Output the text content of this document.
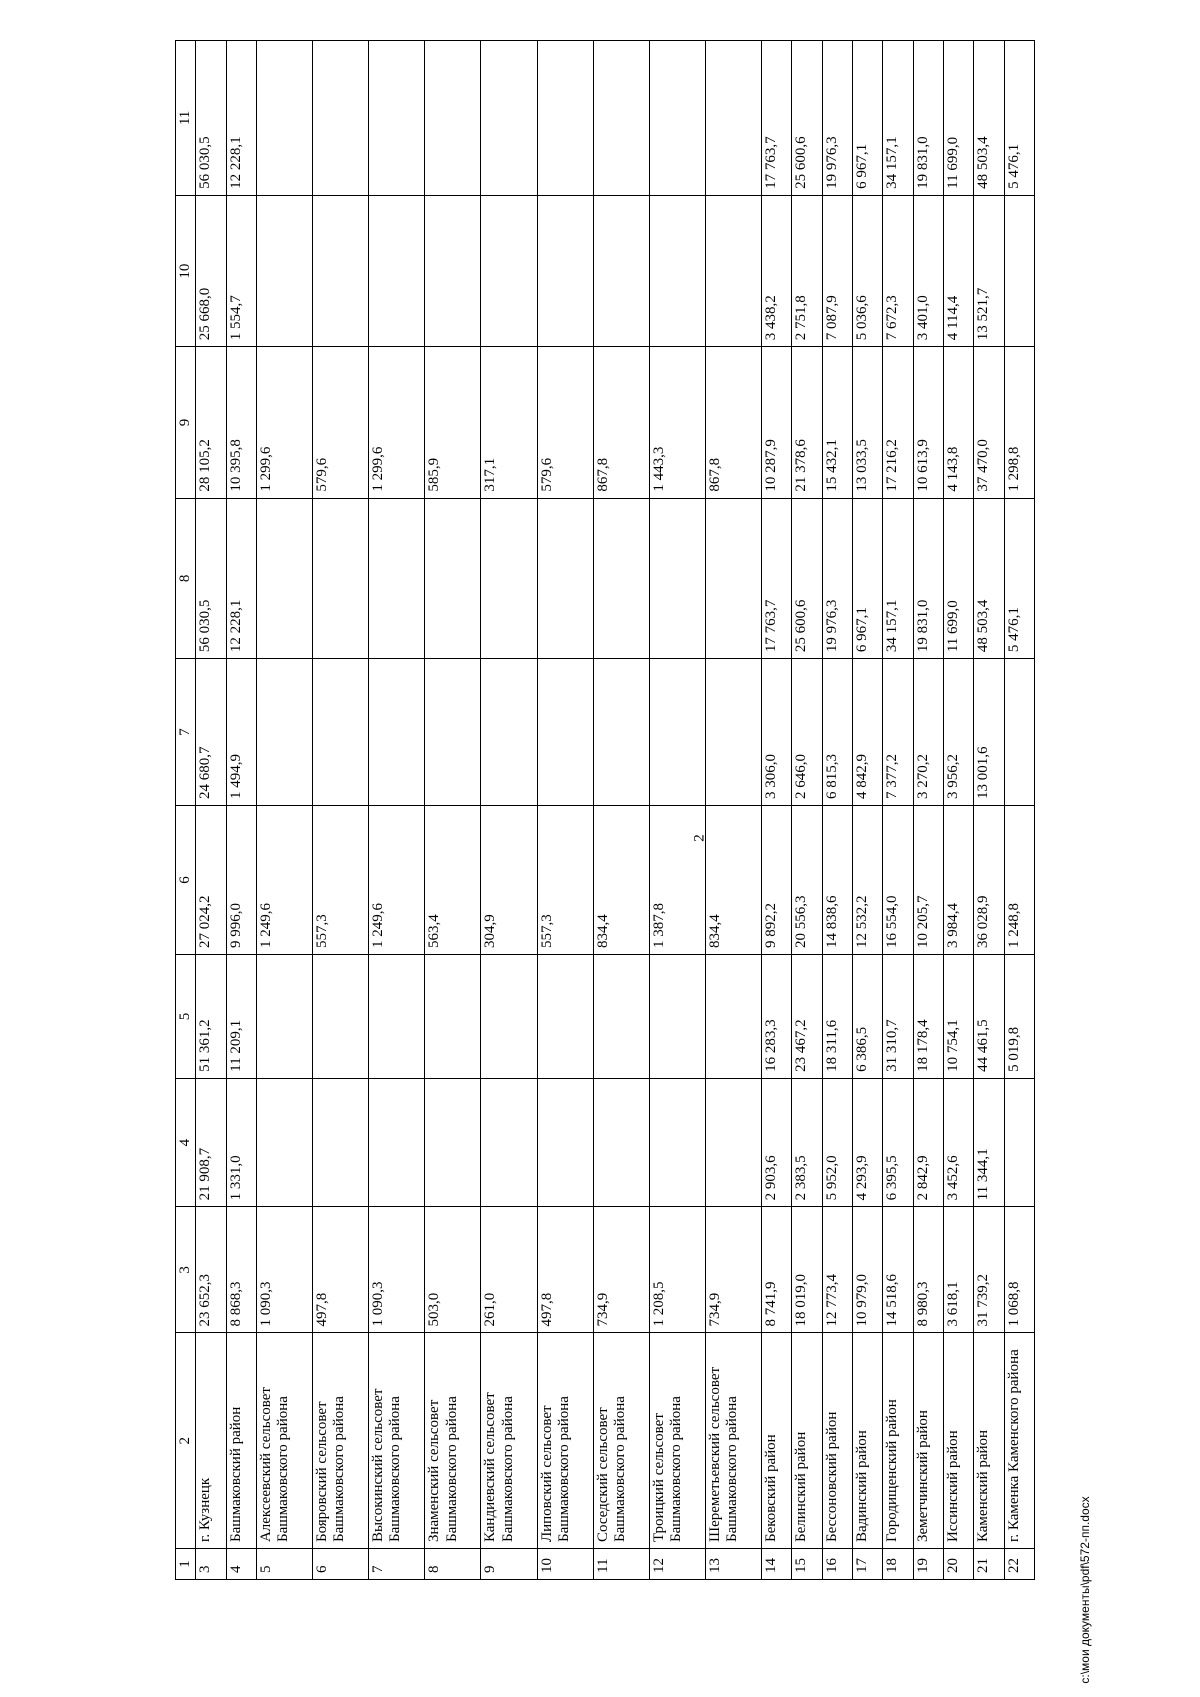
2
1	2	3	4	5	6	7	8	9	10	11
3	г. Кузнецк	23 652,3	21 908,7	51 361,2	27 024,2	24 680,7	56 030,5	28 105,2	25 668,0	56 030,5
4	Башмаковский район	8 868,3	1 331,0	11 209,1	9 996,0	1 494,9	12 228,1	10 395,8	1 554,7	12 228,1
5	Алексеевский сельсовет Башмаковского района	1 090,3			1 249,6			1 299,6		
6	Бояровский сельсовет Башмаковского района	497,8			557,3			579,6		
7	Высокинский сельсовет Башмаковского района	1 090,3			1 249,6			1 299,6		
8	Знаменский сельсовет Башмаковского района	503,0			563,4			585,9		
9	Кандиевский сельсовет Башмаковского района	261,0			304,9			317,1		
10	Липовский сельсовет Башмаковского района	497,8			557,3			579,6		
11	Соседский сельсовет Башмаковского района	734,9			834,4			867,8		
12	Троицкий сельсовет Башмаковского района	1 208,5			1 387,8			1 443,3		
13	Шереметьевский сельсовет Башмаковского района	734,9			834,4			867,8		
14	Бековский район	8 741,9	2 903,6	16 283,3	9 892,2	3 306,0	17 763,7	10 287,9	3 438,2	17 763,7
15	Белинский район	18 019,0	2 383,5	23 467,2	20 556,3	2 646,0	25 600,6	21 378,6	2 751,8	25 600,6
16	Бессоновский район	12 773,4	5 952,0	18 311,6	14 838,6	6 815,3	19 976,3	15 432,1	7 087,9	19 976,3
17	Вадинский район	10 979,0	4 293,9	6 386,5	12 532,2	4 842,9	6 967,1	13 033,5	5 036,6	6 967,1
18	Городищенский район	14 518,6	6 395,5	31 310,7	16 554,0	7 377,2	34 157,1	17 216,2	7 672,3	34 157,1
19	Земетчинский район	8 980,3	2 842,9	18 178,4	10 205,7	3 270,2	19 831,0	10 613,9	3 401,0	19 831,0
20	Иссинский район	3 618,1	3 452,6	10 754,1	3 984,4	3 956,2	11 699,0	4 143,8	4 114,4	11 699,0
21	Каменский район	31 739,2	11 344,1	44 461,5	36 028,9	13 001,6	48 503,4	37 470,0	13 521,7	48 503,4
22	г. Каменка Каменского района	1 068,8		5 019,8	1 248,8		5 476,1	1 298,8		5 476,1
c:\мои документы\pdf\572-пп.docx
